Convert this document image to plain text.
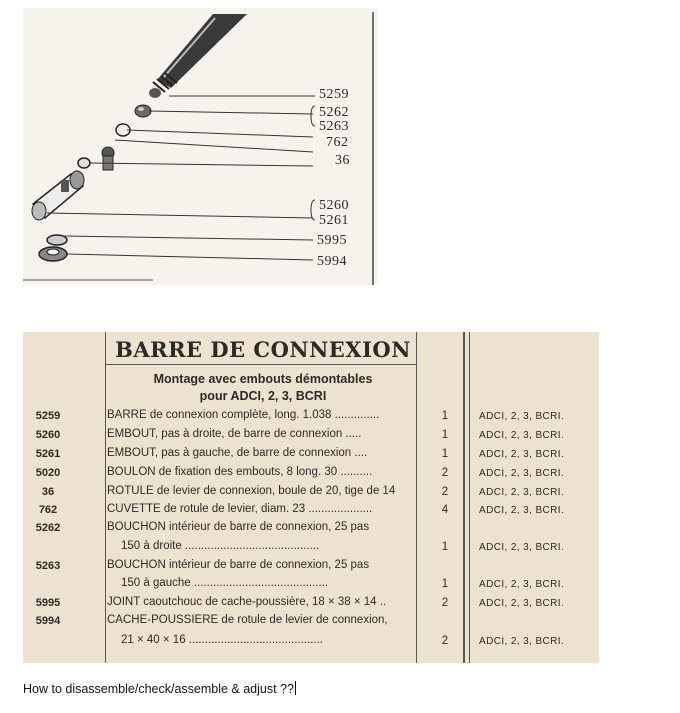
5259
5262
5263
762
36
5260
5261
5995
5994
BARRE DE CONNEXION
Montage avec embouts démontables
pour ADCI, 2, 3, BCRI
5259	BARRE de connexion complète, long. 1.038 ..............	1	ADCI, 2, 3, BCRI.
5260	EMBOUT, pas à droite, de barre de connexion .....	1	ADCI, 2, 3, BCRI.
5261	EMBOUT, pas à gauche, de barre de connexion ....	1	ADCI, 2, 3, BCRI.
5020	BOULON de fixation des embouts, 8 long. 30 ..........	2	ADCI, 2, 3, BCRI.
36	ROTULE de levier de connexion, boule de 20, tige de 14	2	ADCI, 2, 3, BCRI.
762	CUVETTE de rotule de levier, diam. 23 ....................	4	ADCI, 2, 3, BCRI.
5262	BOUCHON intérieur de barre de connexion, 25 pas
150 à droite ..........................................	1	ADCI, 2, 3, BCRI.
5263	BOUCHON intérieur de barre de connexion, 25 pas
150 à gauche ..........................................	1	ADCI, 2, 3, BCRI.
5995	JOINT caoutchouc de cache-poussière, 18 × 38 × 14 ..	2	ADCI, 2, 3, BCRI.
5994	CACHE-POUSSIERE de rotule de levier de connexion,
21 × 40 × 16 ..........................................	2	ADCI, 2, 3, BCRI.
How to disassemble/check/assemble & adjust ??
